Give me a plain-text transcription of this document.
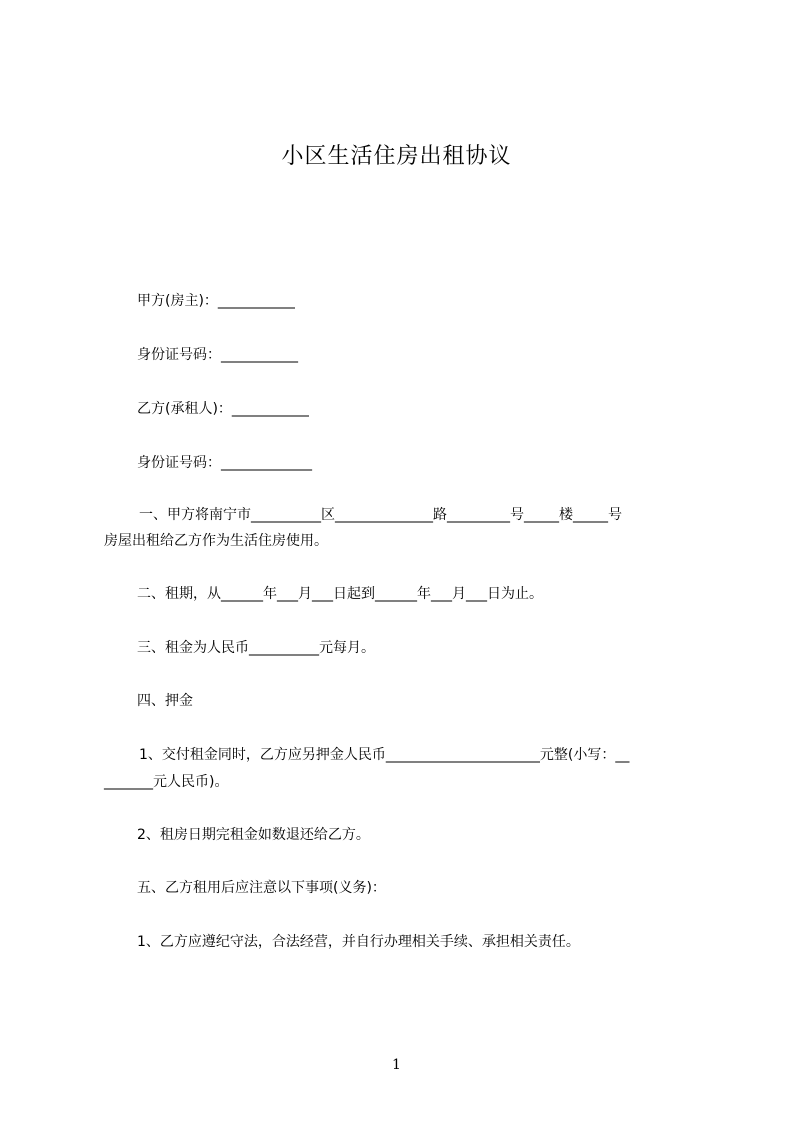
小区生活住房出租协议
甲方(房主)：___________
身份证号码：___________
乙方(承租人)：___________
身份证号码：_____________
一、甲方将南宁市__________区______________路_________号_____楼_____号
房屋出租给乙方作为生活住房使用。
二、租期，从______年___月___日起到______年___月___日为止。
三、租金为人民币__________元每月。
四、押金
1、交付租金同时，乙方应另押金人民币______________________元整(小写：__
_______元人民币)。
2、租房日期完租金如数退还给乙方。
五、乙方租用后应注意以下事项(义务)：
1、乙方应遵纪守法，合法经营，并自行办理相关手续、承担相关责任。
1
